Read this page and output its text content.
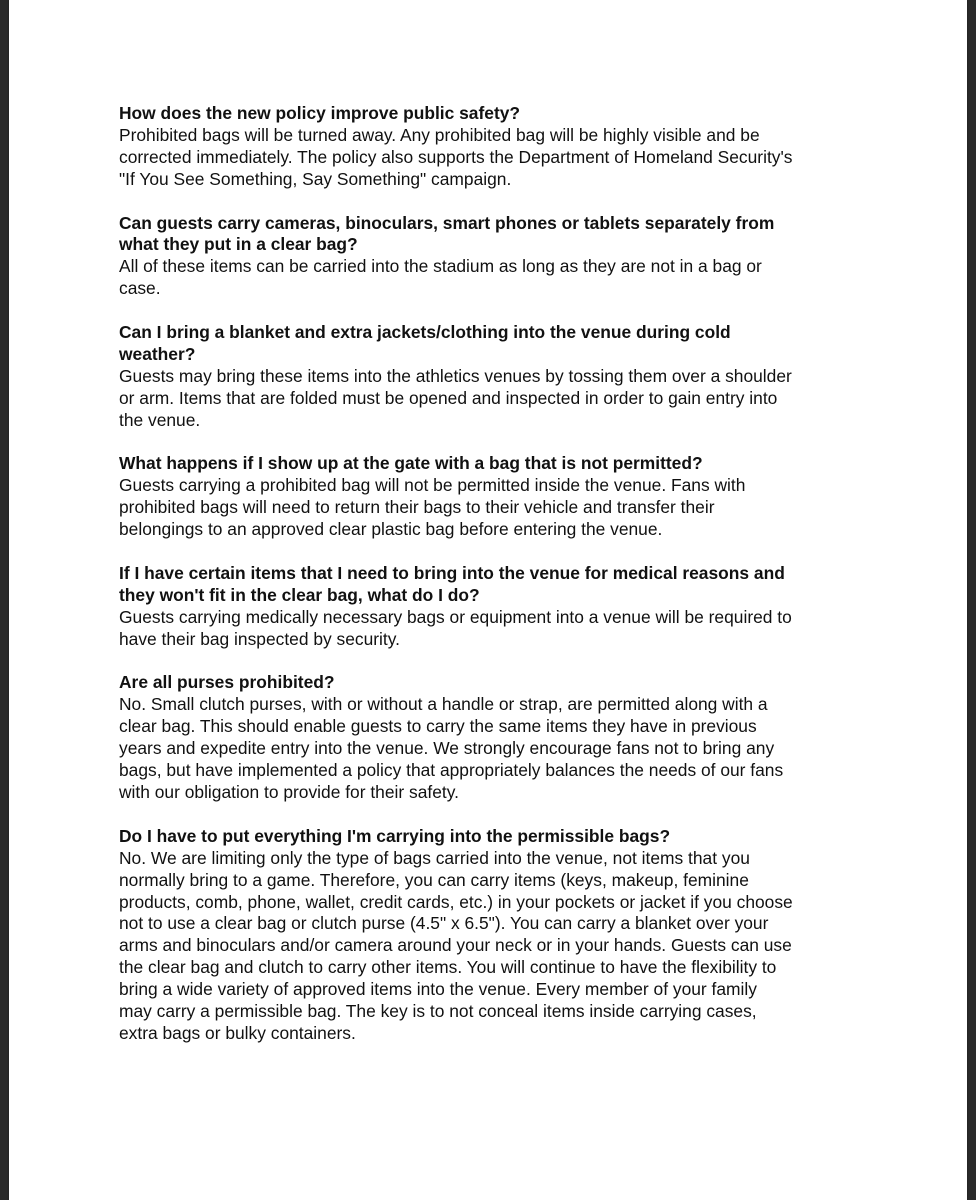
How does the new policy improve public safety?

Prohibited bags will be turned away. Any prohibited bag will be highly visible and be
corrected immediately. The policy also supports the Department of Homeland Security's
"If You See Something, Say Something" campaign.

Can guests carry cameras, binoculars, smart phones or tablets separately from
what they put in a clear bag?

All of these items can be carried into the stadium as long as they are not in a bag or
case.

Can I bring a blanket and extra jackets/clothing into the venue during cold
weather?

Guests may bring these items into the athletics venues by tossing them over a shoulder
or arm. Items that are folded must be opened and inspected in order to gain entry into
the venue.

What happens if I show up at the gate with a bag that is not permitted?

Guests carrying a prohibited bag will not be permitted inside the venue. Fans with
prohibited bags will need to return their bags to their vehicle and transfer their
belongings to an approved clear plastic bag before entering the venue.

If I have certain items that I need to bring into the venue for medical reasons and
they won't fit in the clear bag, what do I do?

Guests carrying medically necessary bags or equipment into a venue will be required to
have their bag inspected by security.

Are all purses prohibited?

No. Small clutch purses, with or without a handle or strap, are permitted along with a
clear bag. This should enable guests to carry the same items they have in previous
years and expedite entry into the venue. We strongly encourage fans not to bring any
bags, but have implemented a policy that appropriately balances the needs of our fans
with our obligation to provide for their safety.

Do I have to put everything I'm carrying into the permissible bags?

No. We are limiting only the type of bags carried into the venue, not items that you
normally bring to a game. Therefore, you can carry items (keys, makeup, feminine
products, comb, phone, wallet, credit cards, etc.) in your pockets or jacket if you choose
not to use a clear bag or clutch purse (4.5" x 6.5"). You can carry a blanket over your
arms and binoculars and/or camera around your neck or in your hands. Guests can use
the clear bag and clutch to carry other items. You will continue to have the flexibility to
bring a wide variety of approved items into the venue. Every member of your family
may carry a permissible bag. The key is to not conceal items inside carrying cases,
extra bags or bulky containers.
